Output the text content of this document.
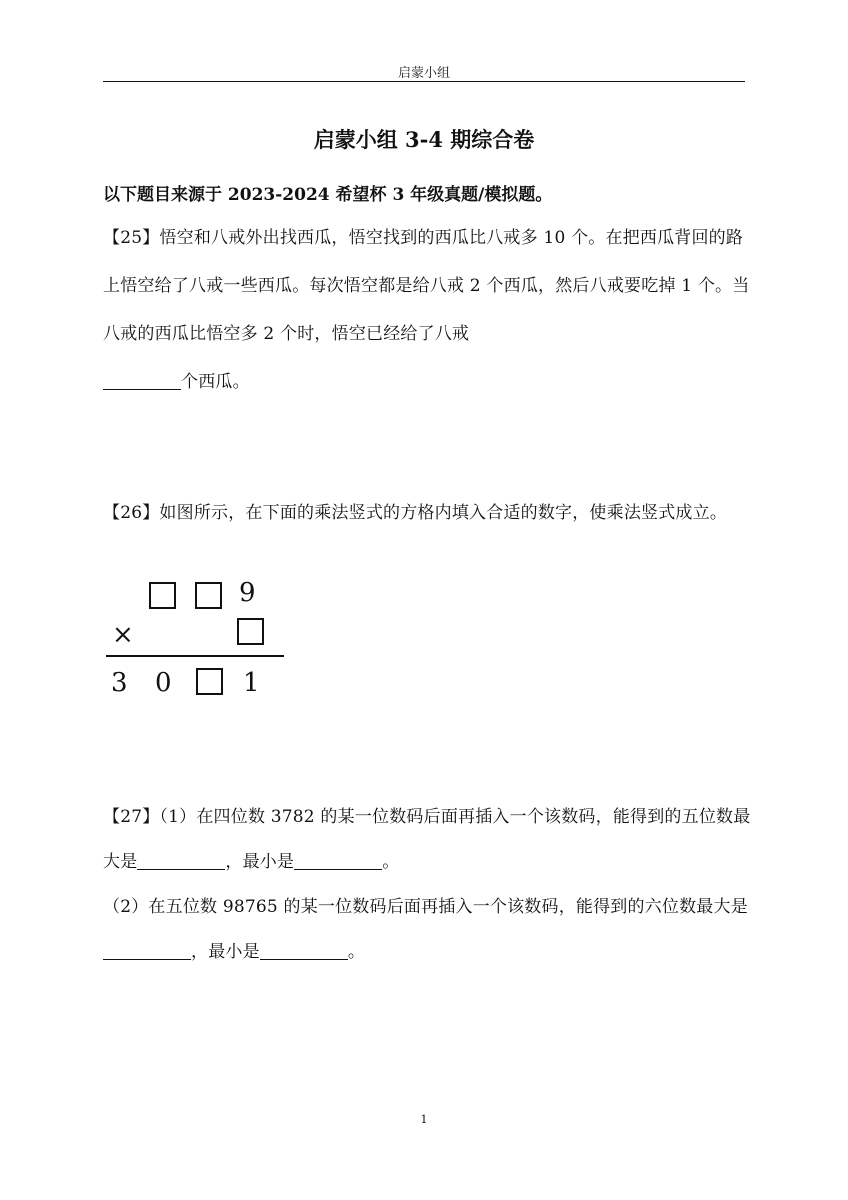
启蒙小组
启蒙小组 3-4 期综合卷
以下题目来源于 2023-2024 希望杯 3 年级真题/模拟题。
【25】悟空和八戒外出找西瓜，悟空找到的西瓜比八戒多 10 个。在把西瓜背回的路上悟空给了八戒一些西瓜。每次悟空都是给八戒 2 个西瓜，然后八戒要吃掉 1 个。当八戒的西瓜比悟空多 2 个时，悟空已经给了八戒
个西瓜。
【26】如图所示，在下面的乘法竖式的方格内填入合适的数字，使乘法竖式成立。
9
×
3 0	1
【27】（1）在四位数 3782 的某一位数码后面再插入一个该数码，能得到的五位数最大是	，最小是	。
（2）在五位数 98765 的某一位数码后面再插入一个该数码，能得到的六位数最大是，最小是	。
1
